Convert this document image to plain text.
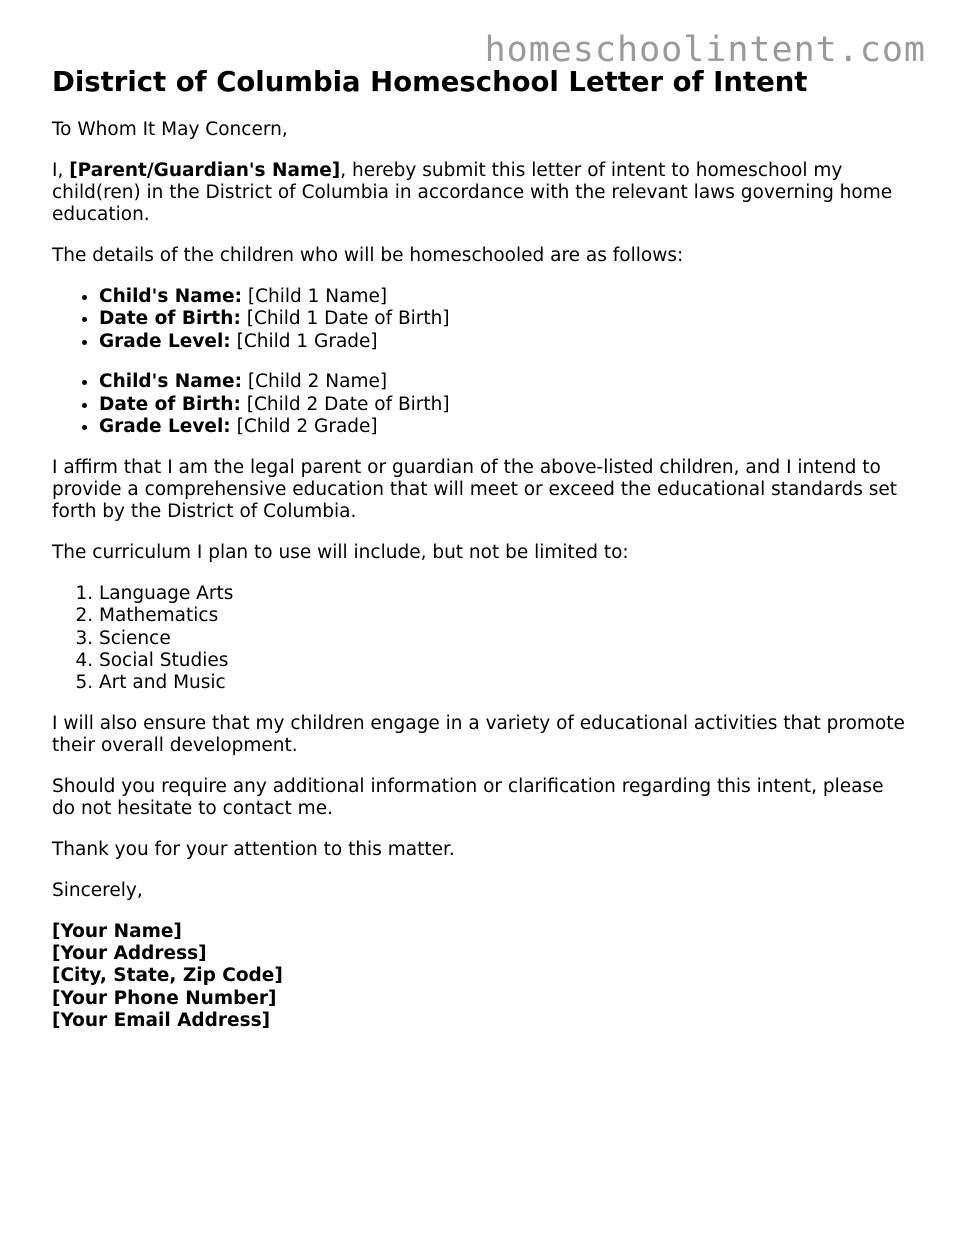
homeschoolintent.com
District of Columbia Homeschool Letter of Intent

To Whom It May Concern,

I, [Parent/Guardian's Name], hereby submit this letter of intent to homeschool my child(ren) in the District of Columbia in accordance with the relevant laws governing home education.

The details of the children who will be homeschooled are as follows:

• Child's Name: [Child 1 Name]
• Date of Birth: [Child 1 Date of Birth]
• Grade Level: [Child 1 Grade]
• Child's Name: [Child 2 Name]
• Date of Birth: [Child 2 Date of Birth]
• Grade Level: [Child 2 Grade]

I affirm that I am the legal parent or guardian of the above-listed children, and I intend to provide a comprehensive education that will meet or exceed the educational standards set forth by the District of Columbia.

The curriculum I plan to use will include, but not be limited to:

1. Language Arts
2. Mathematics
3. Science
4. Social Studies
5. Art and Music

I will also ensure that my children engage in a variety of educational activities that promote their overall development.

Should you require any additional information or clarification regarding this intent, please do not hesitate to contact me.

Thank you for your attention to this matter.

Sincerely,

[Your Name]
[Your Address]
[City, State, Zip Code]
[Your Phone Number]
[Your Email Address]
